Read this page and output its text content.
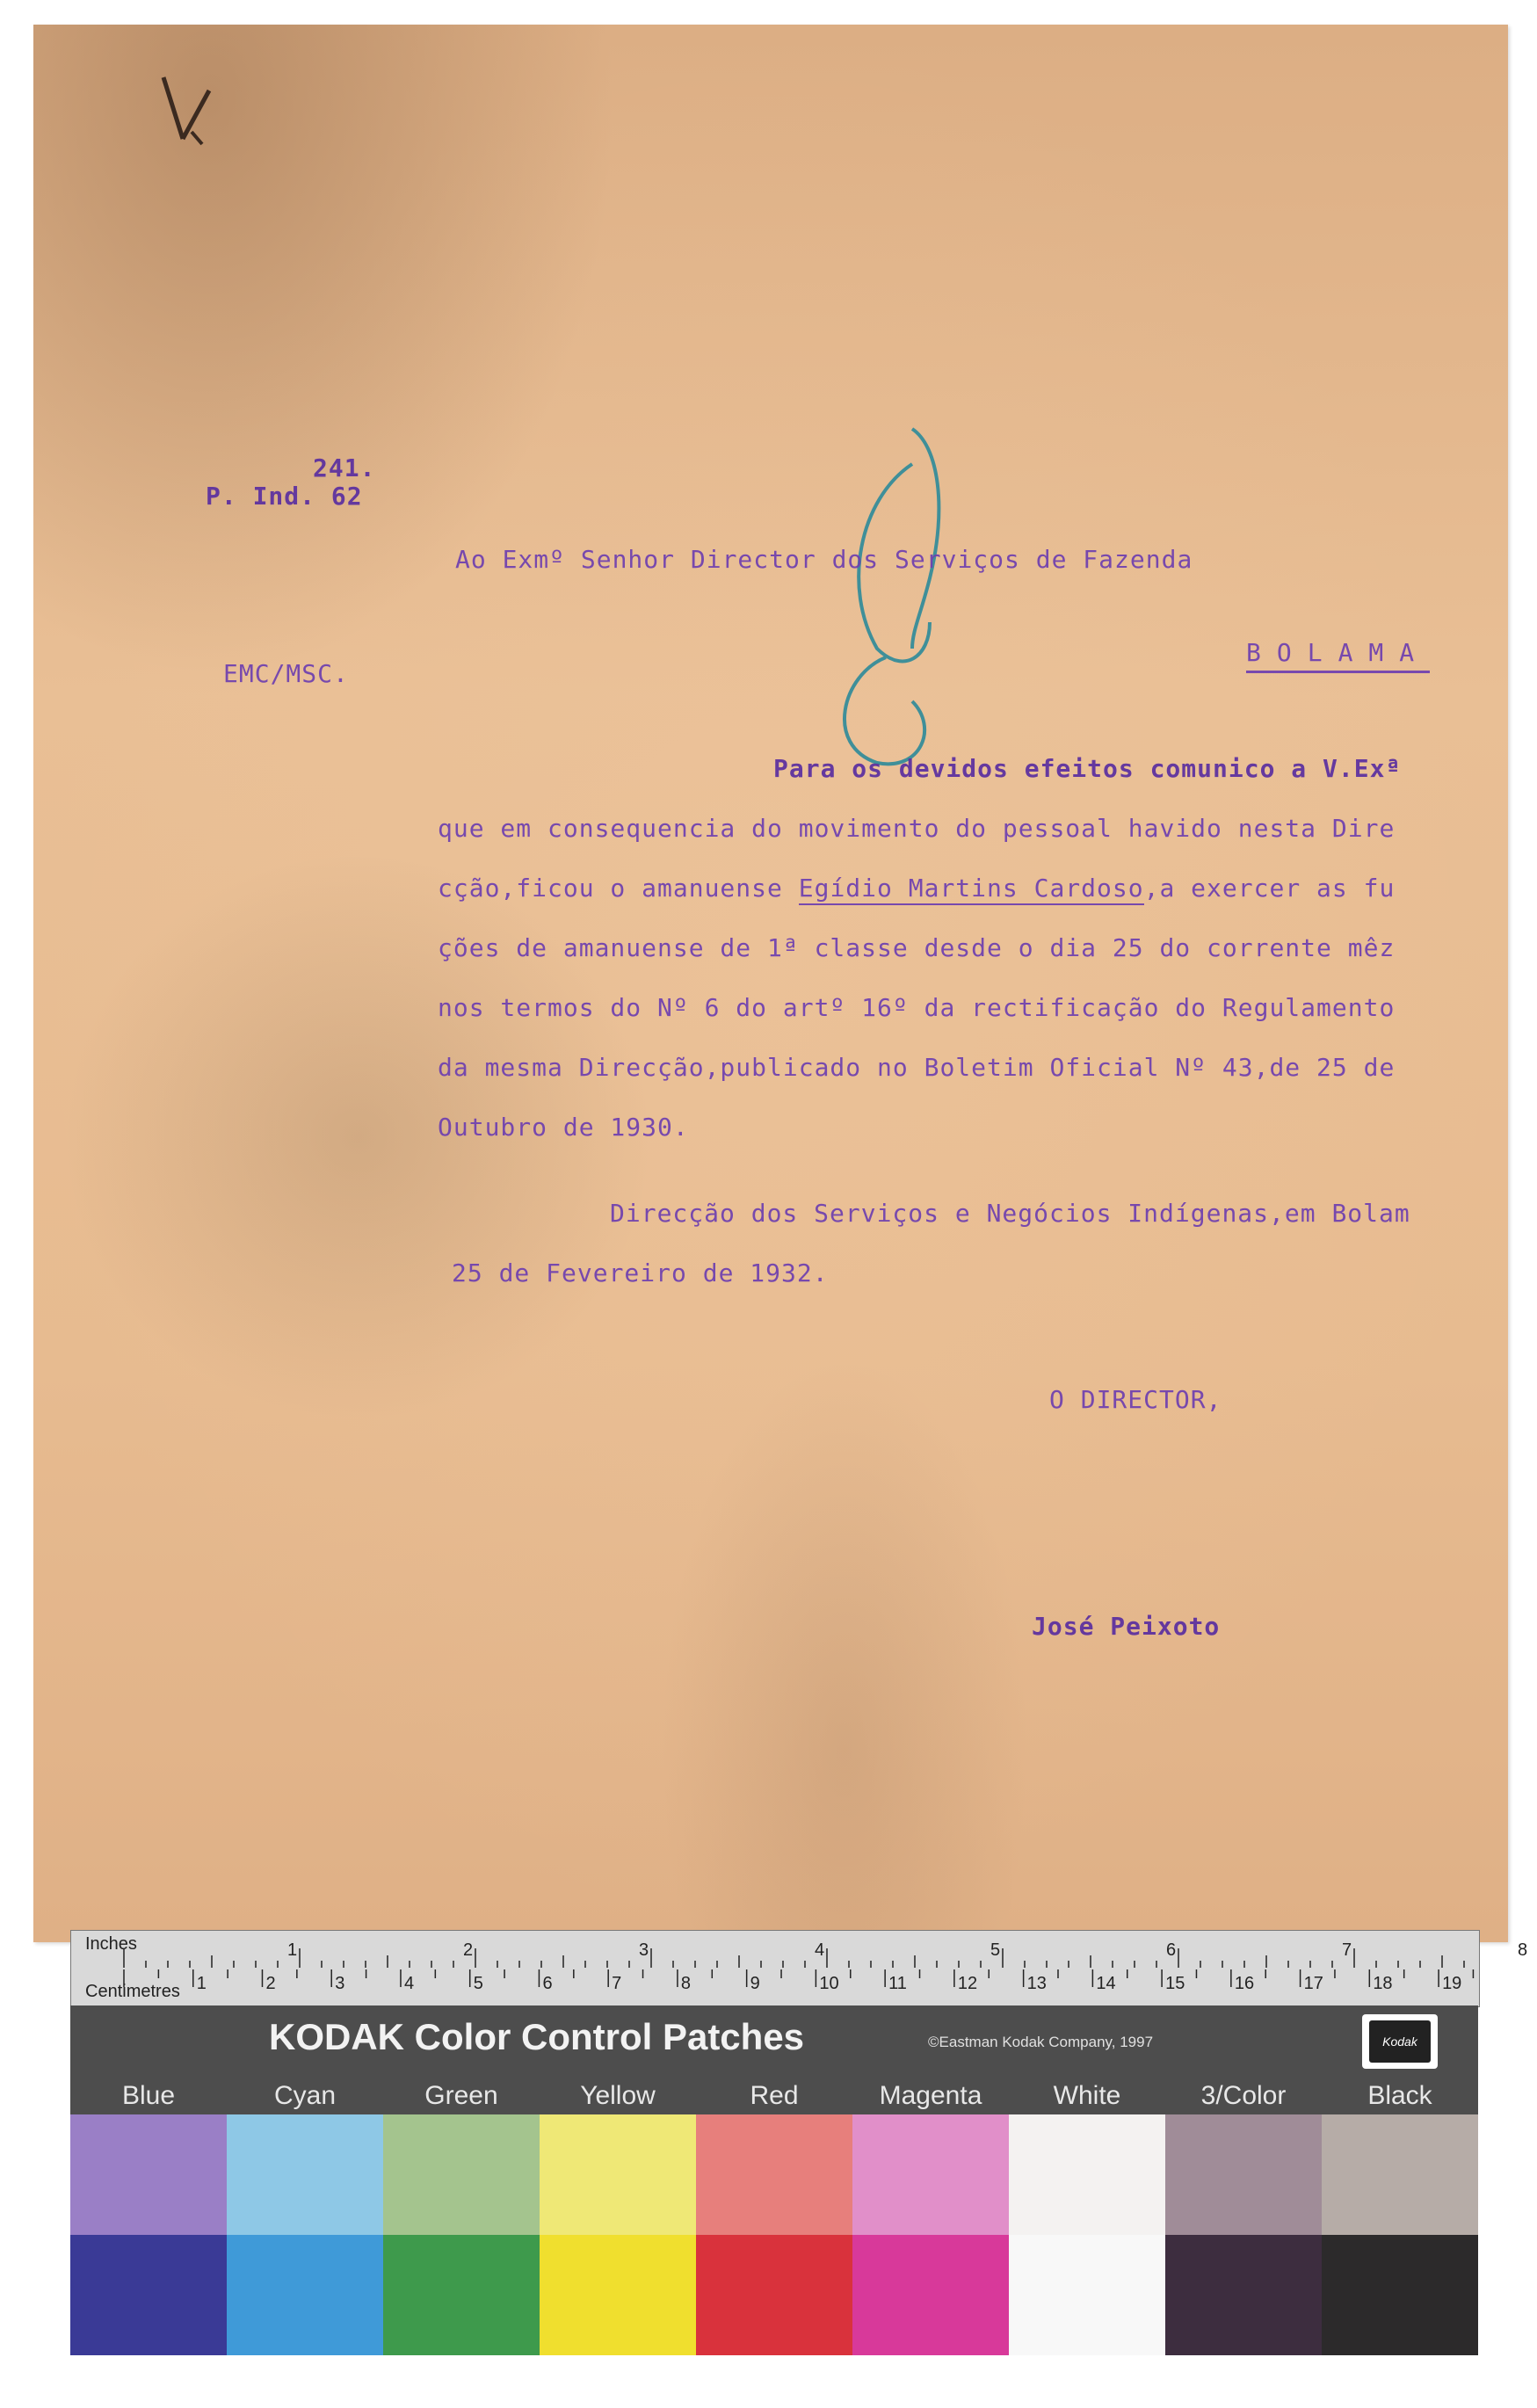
241.
P. Ind. 62
Ao Exmº Senhor Director dos Serviços de Fazenda
EMC/MSC.
BOLAMA
Para os devidos efeitos comunico a V.Exª
que em consequencia do movimento do pessoal havido nesta Dire
cção,ficou o amanuense Egídio Martins Cardoso,a exercer as fu
ções de amanuense de 1ª classe desde o dia 25 do corrente mêz
nos termos do Nº 6 do artº 16º da rectificação do Regulamento
da mesma Direcção,publicado no Boletim Oficial Nº 43,de 25 de
Outubro de 1930.
Direcção dos Serviços e Negócios Indígenas,em Bolam
25 de Fevereiro de 1932.
O DIRECTOR,
José Peixoto
1	2	3	4	5	6	7	8
1	2	3	4	5	6	7	8	9	10	11	12	13	14	15	16	17	18	19
Inches
Centimetres
KODAK Color Control Patches	©Eastman Kodak Company, 1997	Kodak
Blue	Cyan	Green	Yellow	Red	Magenta	White	3/Color	Black
